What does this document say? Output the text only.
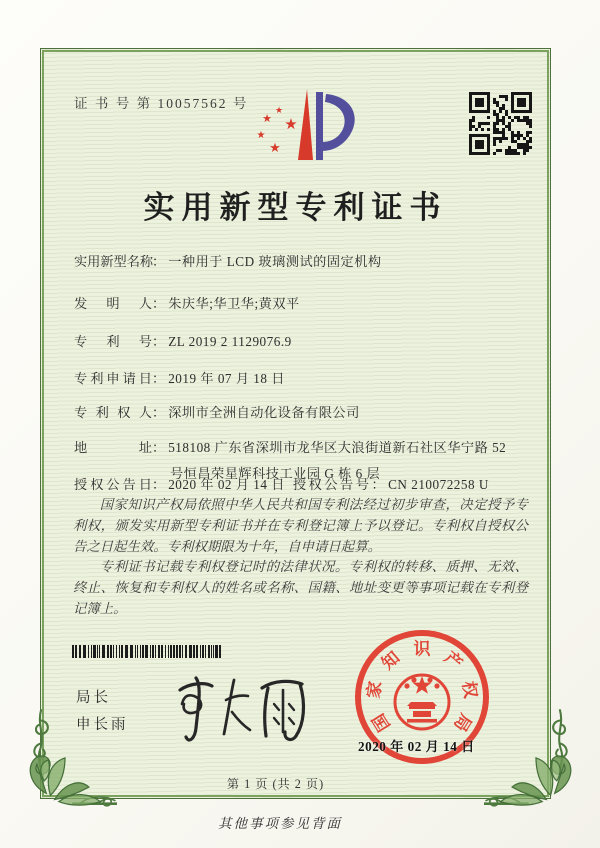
证 书 号 第 10057562 号
★
★
★
★
★
实用新型专利证书
实用新型名称： 一种用于 LCD 玻璃测试的固定机构
发明人： 朱庆华;华卫华;黄双平
专利号： ZL 2019 2 1129076.9
专利申请日： 2019 年 07 月 18 日
专利权人： 深圳市全洲自动化设备有限公司
地址： 518108 广东省深圳市龙华区大浪街道新石社区华宁路 52
号恒昌荣星辉科技工业园 G 栋 6 层
授权公告日： 2020 年 02 月 14 日 授权公告号： CN 210072258 U

国家知识产权局依照中华人民共和国专利法经过初步审查，决定授予专利权，颁发实用新型专利证书并在专利登记簿上予以登记。专利权自授权公告之日起生效。专利权期限为十年，自申请日起算。

专利证书记载专利权登记时的法律状况。专利权的转移、质押、无效、终止、恢复和专利权人的姓名或名称、国籍、地址变更等事项记载在专利登记簿上。

局长
申长雨	国
家
知 识 产
权
局
2020 年 02 月 14 日
第 1 页 (共 2 页)
其他事项参见背面
